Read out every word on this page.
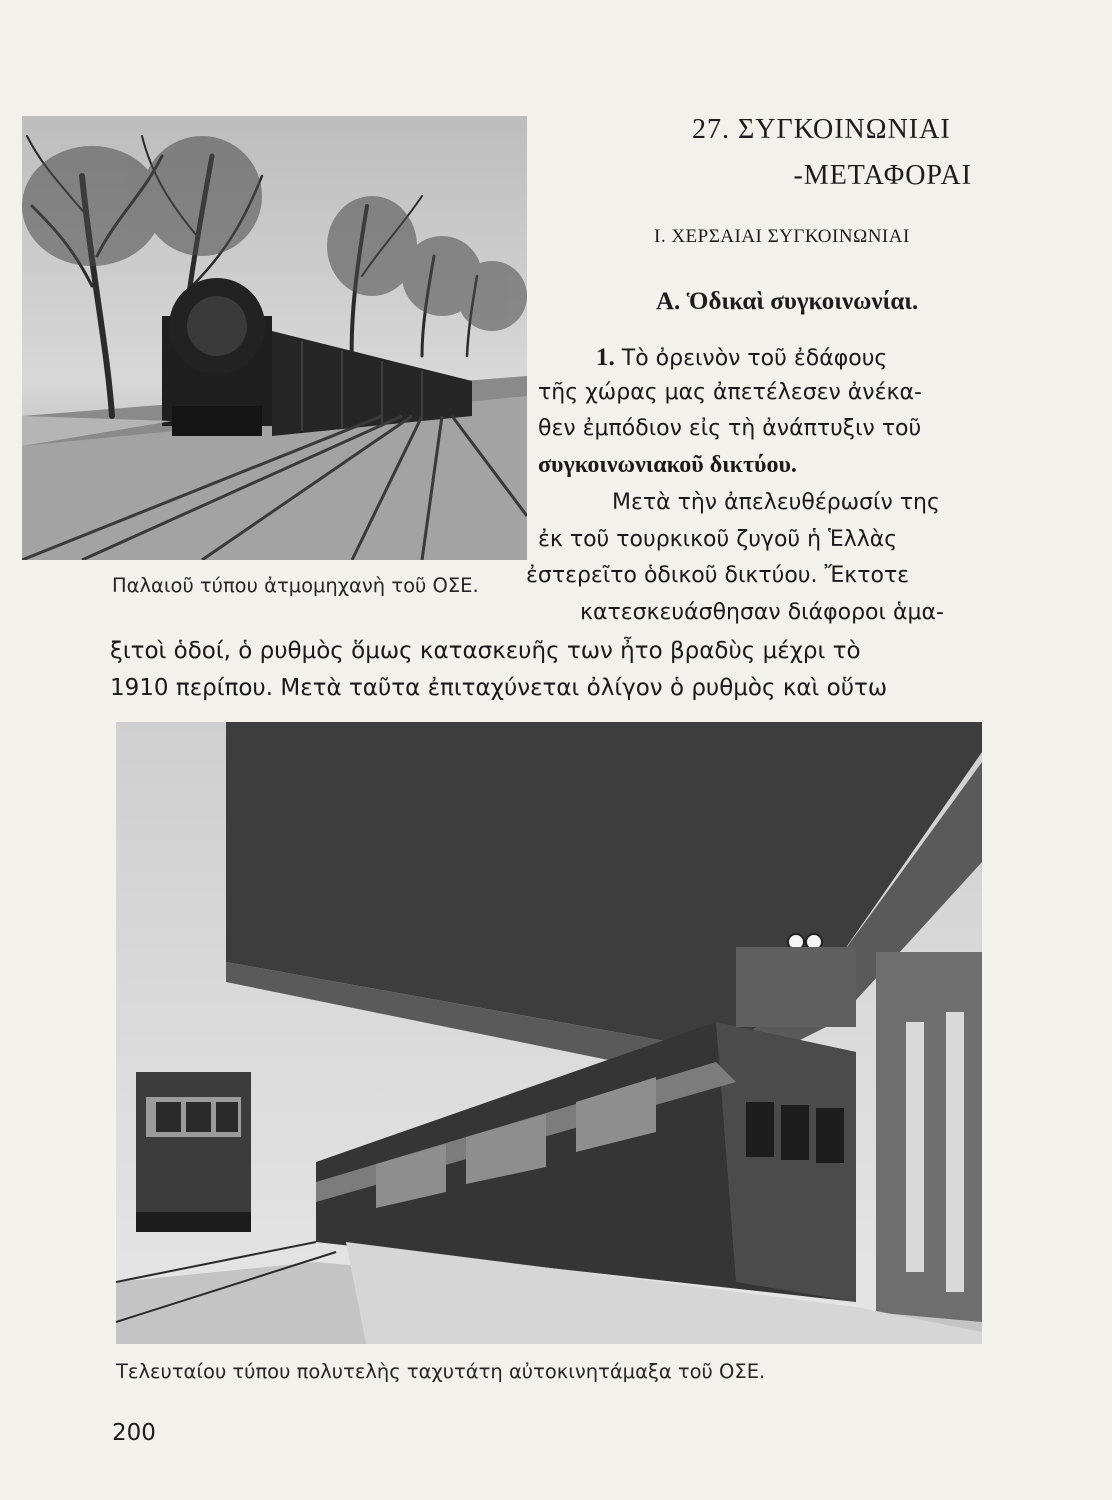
Παλαιοῦ τύπου ἀτμομηχανὴ τοῦ ΟΣΕ.

27. ΣΥΓΚΟΙΝΩΝΙΑΙ
-ΜΕΤΑΦΟΡΑΙ
Ι. ΧΕΡΣΑΙΑΙ ΣΥΓΚΟΙΝΩΝΙΑΙ
Α. Ὁδικαὶ συγκοινωνίαι.

1. Τὸ ὀρεινὸν τοῦ ἐδάφους

τῆς χώρας μας ἀπετέλεσεν ἀνέκα-

θεν ἐμπόδιον εἰς τὴ ἀνάπτυξιν τοῦ

συγκοινωνιακοῦ δικτύου.

Μετὰ τὴν ἀπελευθέρωσίν της

ἐκ τοῦ τουρκικοῦ ζυγοῦ ἡ Ἑλλὰς

ἐστερεῖτο ὁδικοῦ δικτύου. Ἔκτοτε

κατεσκευάσθησαν διάφοροι ἁμα-

ξιτοὶ ὁδοί, ὁ ρυθμὸς ὅμως κατασκευῆς των ἦτο βραδὺς μέχρι τὸ

1910 περίπου. Μετὰ ταῦτα ἐπιταχύνεται ὀλίγον ὁ ρυθμὸς καὶ οὕτω

Τελευταίου τύπου πολυτελὴς ταχυτάτη αὐτοκινητάμαξα τοῦ ΟΣΕ.

200
